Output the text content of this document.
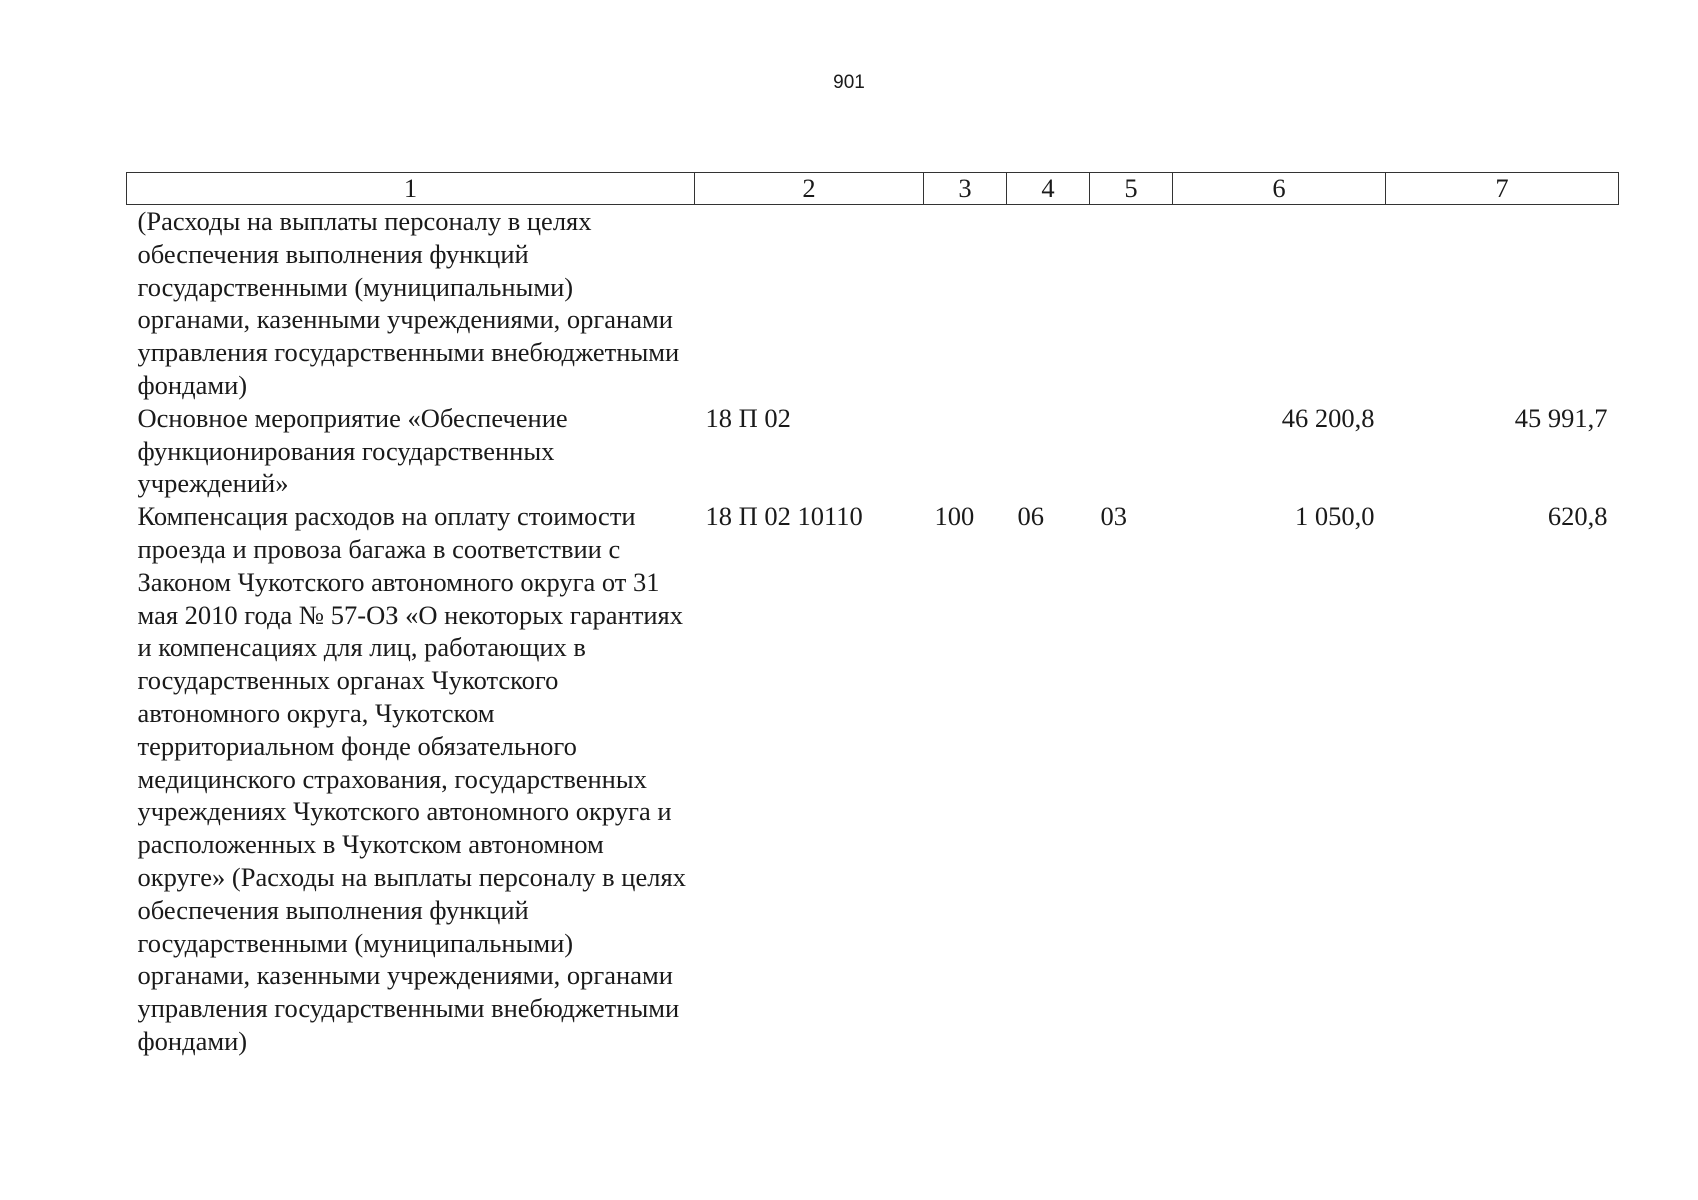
901
1	2	3	4	5	6	7
(Расходы на выплаты персоналу в целях обеспечения выполнения функций государственными (муниципальными) органами, казенными учреждениями, органами управления государственными внебюджетными фондами)						
Основное мероприятие «Обеспечение функционирования государственных учреждений»	18 П 02				46 200,8	45 991,7
Компенсация расходов на оплату стоимости проезда и провоза багажа в соответствии с Законом Чукотского автономного округа от 31 мая 2010 года № 57-ОЗ «О некоторых гарантиях и компенсациях для лиц, работающих в государственных органах Чукотского автономного округа, Чукотском территориальном фонде обязательного медицинского страхования, государственных учреждениях Чукотского автономного округа и расположенных в Чукотском автономном округе» (Расходы на выплаты персоналу в целях обеспечения выполнения функций государственными (муниципальными) органами, казенными учреждениями, органами управления государственными внебюджетными фондами)	18 П 02 10110	100	06	03	1 050,0	620,8
